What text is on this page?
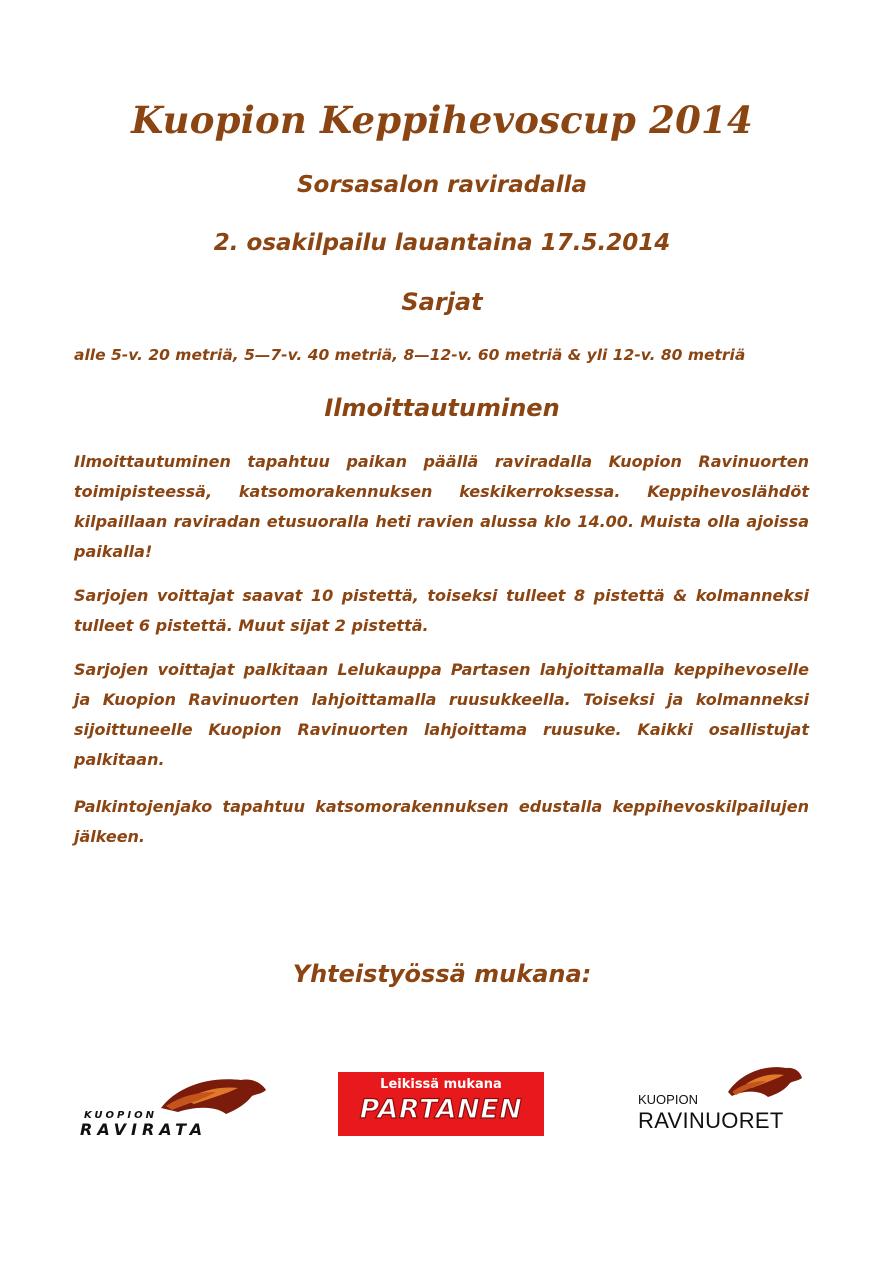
Kuopion Keppihevoscup 2014
Sorsasalon raviradalla
2. osakilpailu lauantaina 17.5.2014
Sarjat
alle 5-v. 20 metriä, 5—7-v. 40 metriä, 8—12-v. 60 metriä & yli 12-v. 80 metriä
Ilmoittautuminen

Ilmoittautuminen tapahtuu paikan päällä raviradalla Kuopion Ravinuorten toimipisteessä, katsomorakennuksen keskikerroksessa. Keppihevoslähdöt kilpaillaan raviradan etusuoralla heti ravien alussa klo 14.00. Muista olla ajoissa paikalla!

Sarjojen voittajat saavat 10 pistettä, toiseksi tulleet 8 pistettä & kolmanneksi tulleet 6 pistettä. Muut sijat 2 pistettä.

Sarjojen voittajat palkitaan Lelukauppa Partasen lahjoittamalla keppihevoselle ja Kuopion Ravinuorten lahjoittamalla ruusukkeella. Toiseksi ja kolmanneksi sijoittuneelle Kuopion Ravinuorten lahjoittama ruusuke. Kaikki osallistujat palkitaan.

Palkintojenjako tapahtuu katsomorakennuksen edustalla keppihevoskilpailujen jälkeen.

Yhteistyössä mukana:
KUOPION
RAVIRATA
Leikissä mukana
PARTANEN	KUOPION
RAVINUORET
